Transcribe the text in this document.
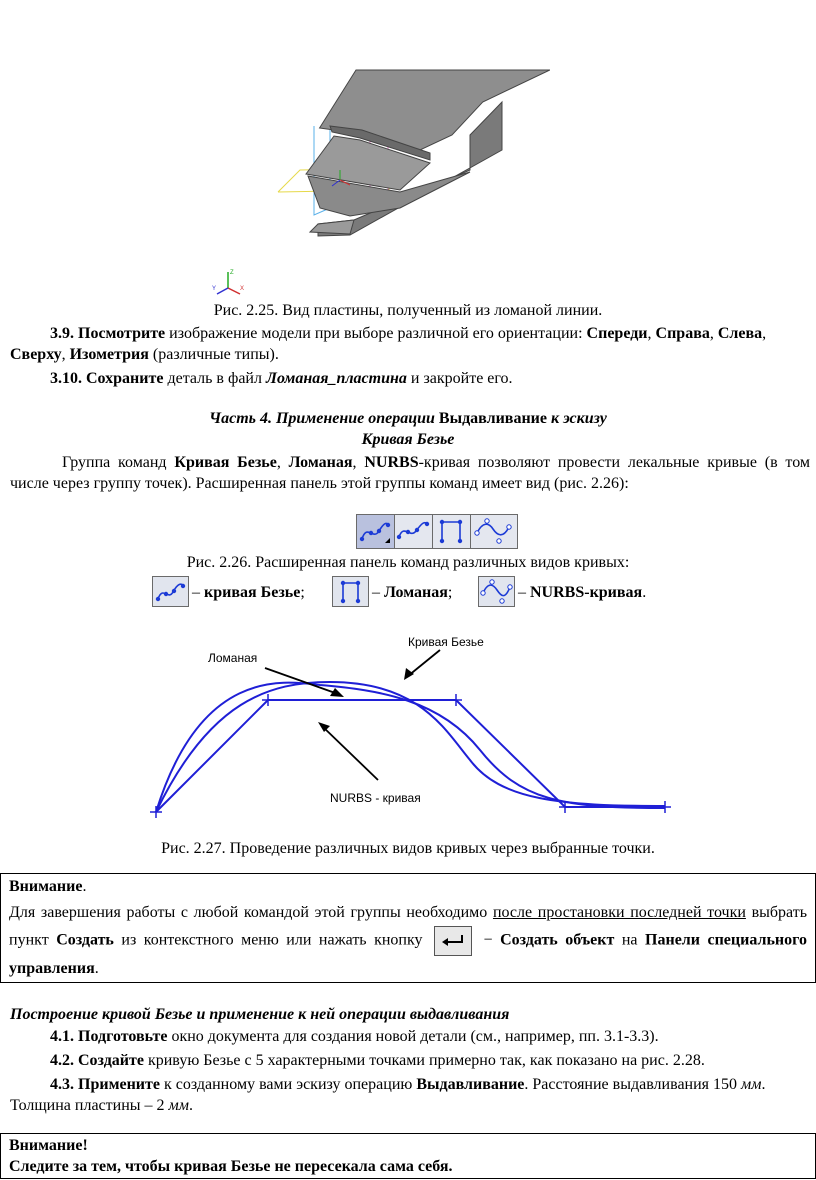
Z
X
Y
Рис. 2.25. Вид пластины, полученный из ломаной линии.
3.9. Посмотрите изображение модели при выборе различной его ориентации: Спереди, Справа, Слева, Сверху, Изометрия (различные типы).
3.10. Сохраните деталь в файл Ломаная_пластина и закройте его.
Часть 4. Применение операции Выдавливание к эскизу
Кривая Безье
Группа команд Кривая Безье, Ломаная, NURBS-кривая позволяют провести лекальные кривые (в том числе через группу точек). Расширенная панель этой группы команд имеет вид (рис. 2.26):
Рис. 2.26. Расширенная панель команд различных видов кривых:
– кривая Безье;	– Ломаная;	– NURBS-кривая.
Ломаная
Кривая Безье
NURBS - кривая
Рис. 2.27. Проведение различных видов кривых через выбранные точки.
Внимание.
Для завершения работы с любой командой этой группы необходимо после простановки последней точки выбрать пункт Создать из контекстного меню или нажать кнопку	− Создать объект на Панели специального управления.
Построение кривой Безье и применение к ней операции выдавливания
4.1. Подготовьте окно документа для создания новой детали (см., например, пп. 3.1-3.3).
4.2. Создайте кривую Безье с 5 характерными точками примерно так, как показано на рис. 2.28.
4.3. Примените к созданному вами эскизу операцию Выдавливание. Расстояние выдавливания 150 мм. Толщина пластины – 2 мм.
Внимание!
Следите за тем, чтобы кривая Безье не пересекала сама себя.
